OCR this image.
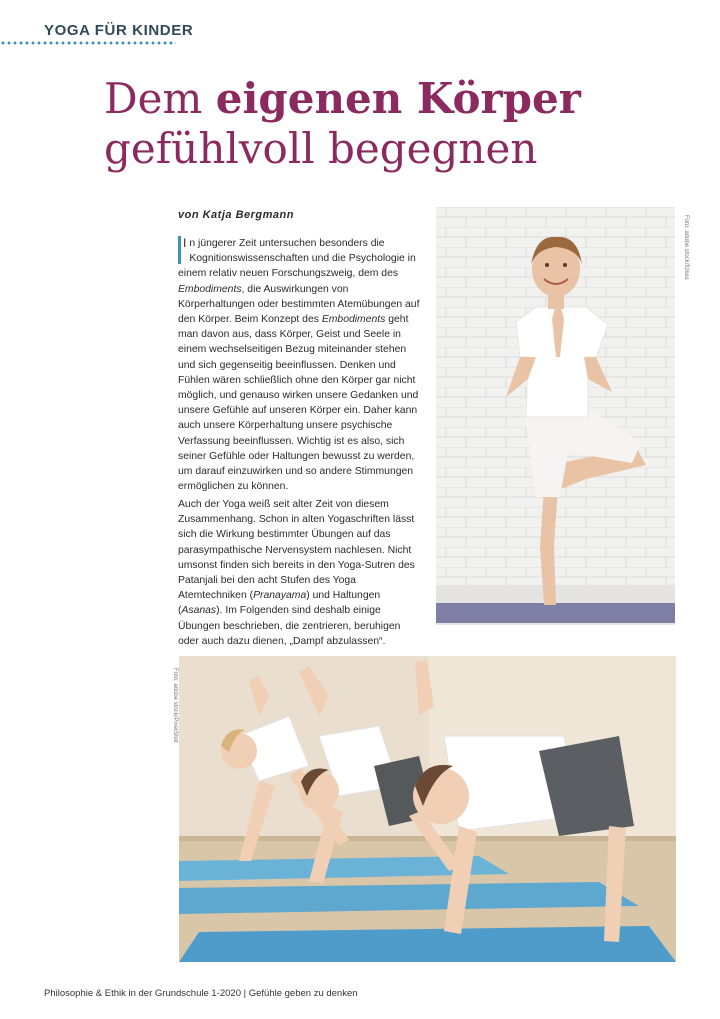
YOGA FÜR KINDER
Dem eigenen Körper
gefühlvoll begegnen
von Katja Bergmann

I n jüngerer Zeit untersuchen besonders die Kognitionswissenschaften und die Psychologie in einem relativ neuen Forschungszweig, dem des Embodiments, die Auswirkungen von Körperhaltungen oder bestimmten Atemübungen auf den Körper. Beim Konzept des Embodiments geht man davon aus, dass Körper, Geist und Seele in einem wechselseitigen Bezug miteinander stehen und sich gegenseitig beeinflussen. Denken und Fühlen wären schließlich ohne den Körper gar nicht möglich, und genauso wirken unsere Gedanken und unsere Gefühle auf unseren Körper ein. Daher kann auch unsere Körperhaltung unsere psychische Verfassung beeinflussen. Wichtig ist es also, sich seiner Gefühle oder Haltungen bewusst zu werden, um darauf einzuwirken und so andere Stimmungen ermöglichen zu können.

Auch der Yoga weiß seit alter Zeit von diesem Zusammenhang. Schon in alten Yogaschriften lässt sich die Wirkung bestimmter Übungen auf das parasympathische Nervensystem nachlesen. Nicht umsonst finden sich bereits in den Yoga-Sutren des Patanjali bei den acht Stufen des Yoga Atemtechniken (Pranayama) und Haltungen (Asanas). Im Folgenden sind deshalb einige Übungen beschrieben, die zentrieren, beruhigen oder auch dazu dienen, „Dampf abzulassen“.

Foto: adobe stock/fizkes
Foto: adobe stock/PixelShot
Philosophie & Ethik in der Grundschule 1-2020 | Gefühle geben zu denken
